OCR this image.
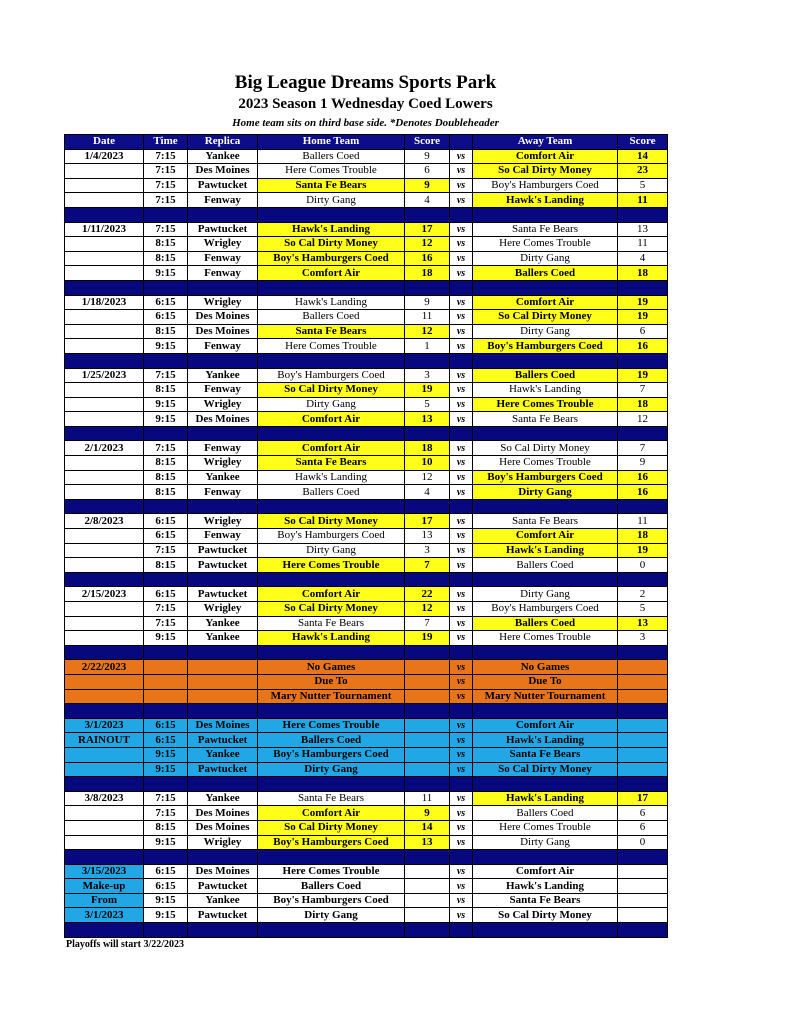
Big League Dreams Sports Park
2023 Season 1 Wednesday Coed Lowers
Home team sits on third base side. *Denotes Doubleheader
Date	Time	Replica	Home Team	Score		Away Team	Score
1/4/2023	7:15	Yankee	Ballers Coed	9	vs	Comfort Air	14
	7:15	Des Moines	Here Comes Trouble	6	vs	So Cal Dirty Money	23
	7:15	Pawtucket	Santa Fe Bears	9	vs	Boy's Hamburgers Coed	5
	7:15	Fenway	Dirty Gang	4	vs	Hawk's Landing	11

1/11/2023	7:15	Pawtucket	Hawk's Landing	17	vs	Santa Fe Bears	13
	8:15	Wrigley	So Cal Dirty Money	12	vs	Here Comes Trouble	11
	8:15	Fenway	Boy's Hamburgers Coed	16	vs	Dirty Gang	4
	9:15	Fenway	Comfort Air	18	vs	Ballers Coed	18

1/18/2023	6:15	Wrigley	Hawk's Landing	9	vs	Comfort Air	19
	6:15	Des Moines	Ballers Coed	11	vs	So Cal Dirty Money	19
	8:15	Des Moines	Santa Fe Bears	12	vs	Dirty Gang	6
	9:15	Fenway	Here Comes Trouble	1	vs	Boy's Hamburgers Coed	16

1/25/2023	7:15	Yankee	Boy's Hamburgers Coed	3	vs	Ballers Coed	19
	8:15	Fenway	So Cal Dirty Money	19	vs	Hawk's Landing	7
	9:15	Wrigley	Dirty Gang	5	vs	Here Comes Trouble	18
	9:15	Des Moines	Comfort Air	13	vs	Santa Fe Bears	12

2/1/2023	7:15	Fenway	Comfort Air	18	vs	So Cal Dirty Money	7
	8:15	Wrigley	Santa Fe Bears	10	vs	Here Comes Trouble	9
	8:15	Yankee	Hawk's Landing	12	vs	Boy's Hamburgers Coed	16
	8:15	Fenway	Ballers Coed	4	vs	Dirty Gang	16

2/8/2023	6:15	Wrigley	So Cal Dirty Money	17	vs	Santa Fe Bears	11
	6:15	Fenway	Boy's Hamburgers Coed	13	vs	Comfort Air	18
	7:15	Pawtucket	Dirty Gang	3	vs	Hawk's Landing	19
	8:15	Pawtucket	Here Comes Trouble	7	vs	Ballers Coed	0

2/15/2023	6:15	Pawtucket	Comfort Air	22	vs	Dirty Gang	2
	7:15	Wrigley	So Cal Dirty Money	12	vs	Boy's Hamburgers Coed	5
	7:15	Yankee	Santa Fe Bears	7	vs	Ballers Coed	13
	9:15	Yankee	Hawk's Landing	19	vs	Here Comes Trouble	3

2/22/2023			No Games		vs	No Games	
			Due To		vs	Due To	
			Mary Nutter Tournament		vs	Mary Nutter Tournament	

3/1/2023	6:15	Des Moines	Here Comes Trouble		vs	Comfort Air	
RAINOUT	6:15	Pawtucket	Ballers Coed		vs	Hawk's Landing	
	9:15	Yankee	Boy's Hamburgers Coed		vs	Santa Fe Bears	
	9:15	Pawtucket	Dirty Gang		vs	So Cal Dirty Money	

3/8/2023	7:15	Yankee	Santa Fe Bears	11	vs	Hawk's Landing	17
	7:15	Des Moines	Comfort Air	9	vs	Ballers Coed	6
	8:15	Des Moines	So Cal Dirty Money	14	vs	Here Comes Trouble	6
	9:15	Wrigley	Boy's Hamburgers Coed	13	vs	Dirty Gang	0

3/15/2023	6:15	Des Moines	Here Comes Trouble		vs	Comfort Air	
Make-up	6:15	Pawtucket	Ballers Coed		vs	Hawk's Landing	
From	9:15	Yankee	Boy's Hamburgers Coed		vs	Santa Fe Bears	
3/1/2023	9:15	Pawtucket	Dirty Gang		vs	So Cal Dirty Money	

Playoffs will start 3/22/2023
